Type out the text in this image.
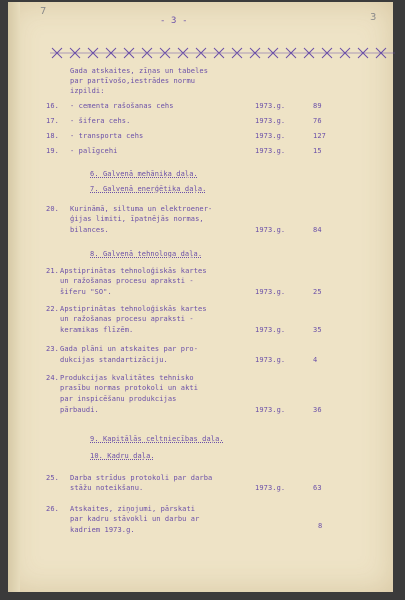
7
3
- 3 -
Gada atskaites, zīņas un tabeles
par partīvošo,iestrādes normu
izpildi:
16. - cementa rašošanas cehs	1973.g.	89
17. - šifera cehs.	1973.g.	76
18. - transporta cehs	1973.g.	127
19. - palīgcehi	1973.g.	15
6. Galvenā mehāniķa daļa.
7. Galvenā enerģētiķa daļa.
20. Kurināmā, siltuma un elektroener-
ģijas limiti, īpatnējās normas,
bilances.	1973.g.	84
8. Galvenā tehnologa daļa.
21. Apstiprinātas tehnoloģiskās kartes
un ražošanas procesu apraksti -
šiferu "SO".	1973.g.	25
22. Apstiprinātas tehnoloģiskās kartes
un ražošanas procesu apraksti -
keramikas flīzēm.	1973.g.	35
23. Gada plāni un atskaites par pro-
dukcijas standartizāciju.	1973.g.	4
24. Produkcijas kvalitātes tehnisko
prasību normas protokoli un akti
par inspicēšanu produkcijas
pārbaudi.	1973.g.	36
9. Kapitālās celtniecības daļa.
10. Kadru daļa.
25. Darba strīdus protokoli par darba
stāžu noteikšanu.	1973.g.	63
26. Atskaites, ziņojumi, pārskati
par kadru stāvokli un darbu ar
kadriem 1973.g.	8
